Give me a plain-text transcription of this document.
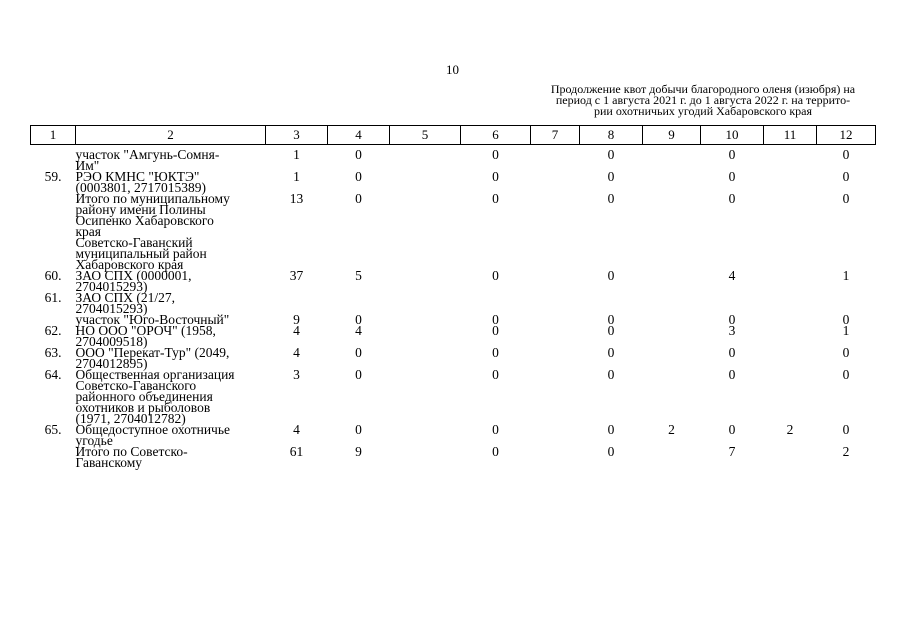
10
Продолжение квот добычи благородного оленя (изюбря) на
период с 1 августа 2021 г. до 1 августа 2022 г. на террито-
рии охотничьих угодий Хабаровского края
1	2	3	4	5	6	7	8	9	10	11	12

	участок "Амгунь-Сомня-
Им"	1	0		0		0		0		0
59.	РЭО КМНС "ЮКТЭ"
(0003801, 2717015389)	1	0		0		0		0		0
	Итого по муниципальному
району имени Полины
Осипенко Хабаровского
края	13	0		0		0		0		0
	Советско-Гаванский
муниципальный район
Хабаровского края										
60.	ЗАО СПХ (0000001,
2704015293)	37	5		0		0		4		1
61.	ЗАО СПХ (21/27,
2704015293)										
	участок "Юго-Восточный"	9	0		0		0		0		0
62.	НО ООО "ОРОЧ" (1958,
2704009518)	4	4		0		0		3		1
63.	ООО "Перекат-Тур" (2049,
2704012895)	4	0		0		0		0		0
64.	Общественная организация
Советско-Гаванского
районного объединения
охотников и рыболовов
(1971, 2704012782)	3	0		0		0		0		0
65.	Общедоступное охотничье
угодье	4	0		0		0	2	0	2	0
	Итого по Советско-
Гаванскому	61	9		0		0		7		2
